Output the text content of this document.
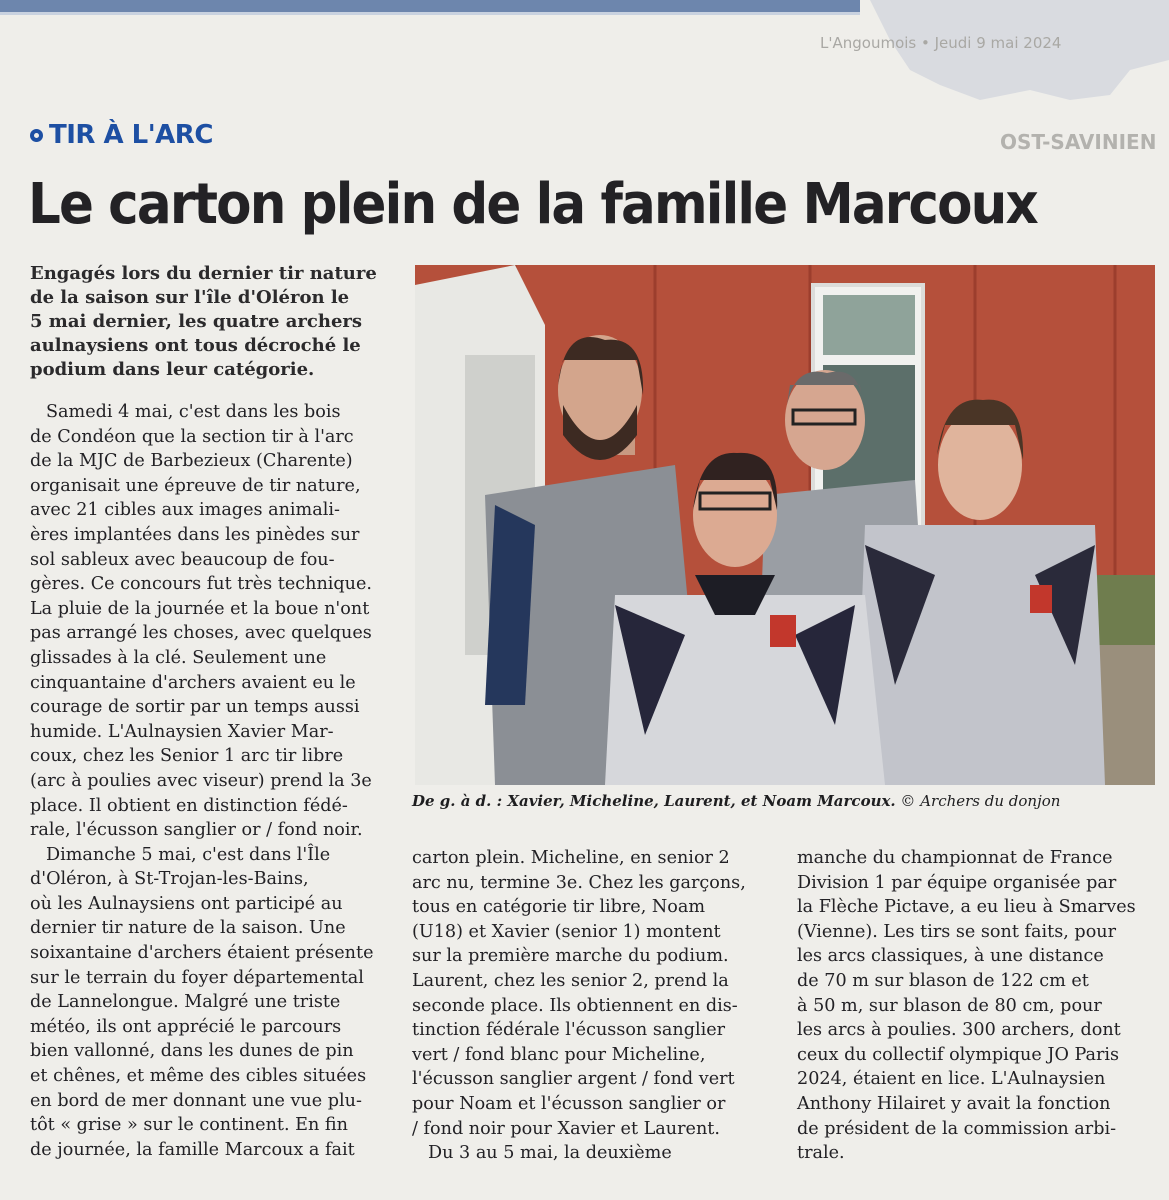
L'Angoumois • Jeudi 9 mai 2024
OST-SAVINIEN
TIR À L'ARC
Le carton plein de la famille Marcoux
Engagés lors du dernier tir nature
de la saison sur l'île d'Oléron le
5 mai dernier, les quatre archers
aulnaysiens ont tous décroché le
podium dans leur catégorie.
De g. à d. : Xavier, Micheline, Laurent, et Noam Marcoux. © Archers du donjon
Samedi 4 mai, c'est dans les bois
de Condéon que la section tir à l'arc
de la MJC de Barbezieux (Charente)
organisait une épreuve de tir nature,
avec 21 cibles aux images animali-
ères implantées dans les pinèdes sur
sol sableux avec beaucoup de fou-
gères. Ce concours fut très technique.
La pluie de la journée et la boue n'ont
pas arrangé les choses, avec quelques
glissades à la clé. Seulement une
cinquantaine d'archers avaient eu le
courage de sortir par un temps aussi
humide. L'Aulnaysien Xavier Mar-
coux, chez les Senior 1 arc tir libre
(arc à poulies avec viseur) prend la 3e
place. Il obtient en distinction fédé-
rale, l'écusson sanglier or / fond noir.
Dimanche 5 mai, c'est dans l'Île
d'Oléron, à St-Trojan-les-Bains,
où les Aulnaysiens ont participé au
dernier tir nature de la saison. Une
soixantaine d'archers étaient présente
sur le terrain du foyer départemental
de Lannelongue. Malgré une triste
météo, ils ont apprécié le parcours
bien vallonné, dans les dunes de pin
et chênes, et même des cibles situées
en bord de mer donnant une vue plu-
tôt « grise » sur le continent. En fin
de journée, la famille Marcoux a fait
carton plein. Micheline, en senior 2
arc nu, termine 3e. Chez les garçons,
tous en catégorie tir libre, Noam
(U18) et Xavier (senior 1) montent
sur la première marche du podium.
Laurent, chez les senior 2, prend la
seconde place. Ils obtiennent en dis-
tinction fédérale l'écusson sanglier
vert / fond blanc pour Micheline,
l'écusson sanglier argent / fond vert
pour Noam et l'écusson sanglier or
/ fond noir pour Xavier et Laurent.
Du 3 au 5 mai, la deuxième
manche du championnat de France
Division 1 par équipe organisée par
la Flèche Pictave, a eu lieu à Smarves
(Vienne). Les tirs se sont faits, pour
les arcs classiques, à une distance
de 70 m sur blason de 122 cm et
à 50 m, sur blason de 80 cm, pour
les arcs à poulies. 300 archers, dont
ceux du collectif olympique JO Paris
2024, étaient en lice. L'Aulnaysien
Anthony Hilairet y avait la fonction
de président de la commission arbi-
trale.
